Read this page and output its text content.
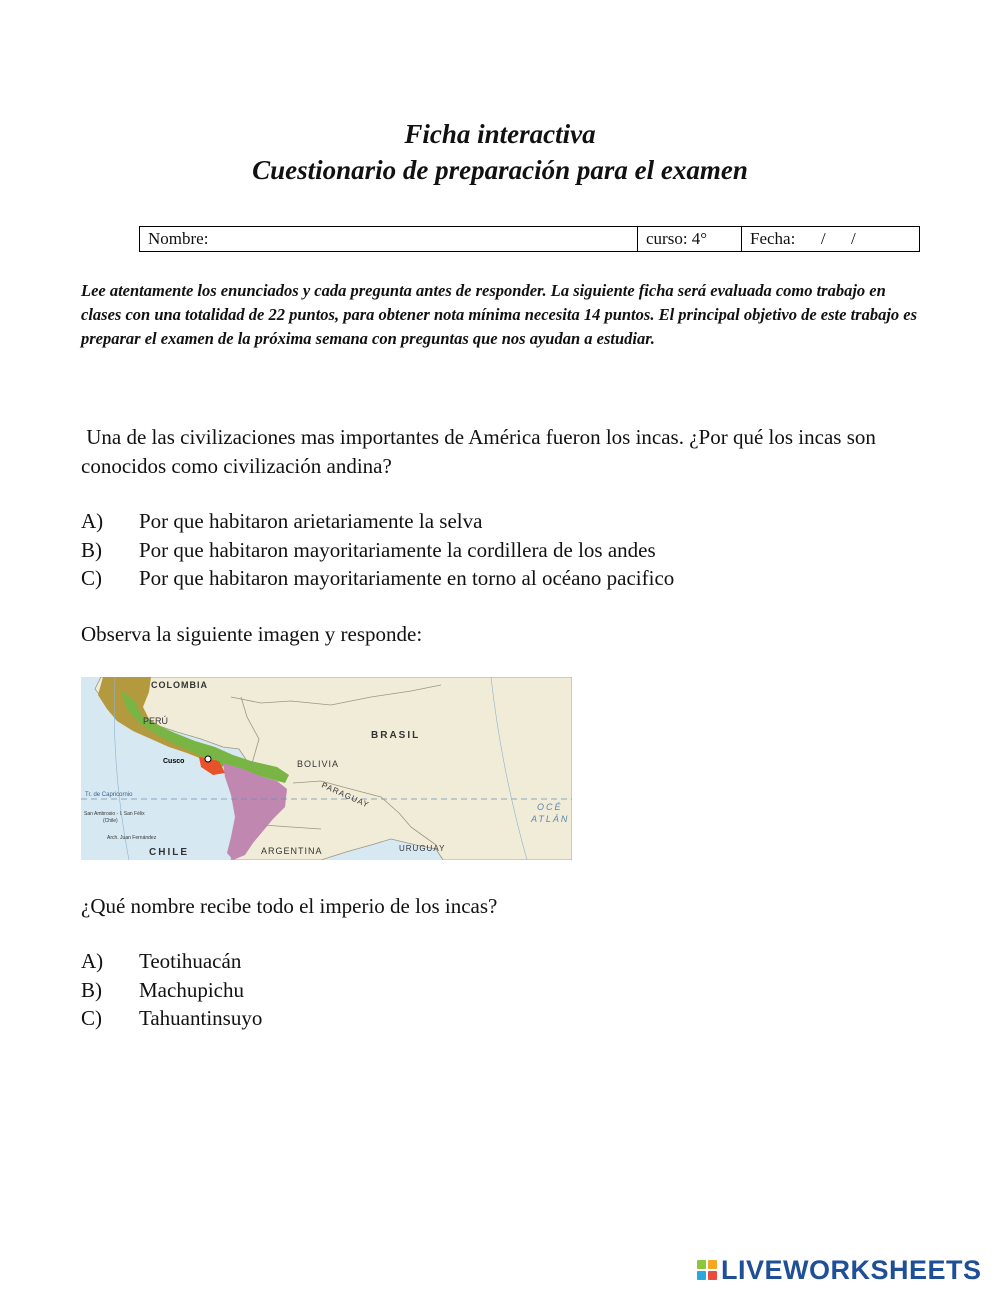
Ficha interactiva
Cuestionario de preparación para el examen
Nombre:	curso: 4°	Fecha:      /      /
Lee atentamente los enunciados y cada pregunta antes de responder. La siguiente ficha será evaluada como trabajo en clases con una totalidad de 22 puntos, para obtener nota mínima necesita 14 puntos. El principal objetivo de este trabajo es preparar el examen de la próxima semana con preguntas que nos ayudan a estudiar.
Una de las civilizaciones mas importantes de América fueron los incas. ¿Por qué los incas son conocidos como civilización andina?
A) Por que habitaron arietariamente la selva
B) Por que habitaron mayoritariamente la cordillera de los andes
C) Por que habitaron mayoritariamente en torno al océano pacifico
Observa la siguiente imagen y responde:
COLOMBIA
PERÚ
BRASIL
BOLIVIA
PARAGUAY
ARGENTINA	URUGUAY
CHILE
Cusco
Tr. de Capricornio
San Ambrosio - I. San Félix
(Chile)
Arch. Juan Fernández
OCÉ
ATLÁN
¿Qué nombre recibe todo el imperio de los incas?
A) Teotihuacán
B) Machupichu
C) Tahuantinsuyo
LIVEWORKSHEETS
